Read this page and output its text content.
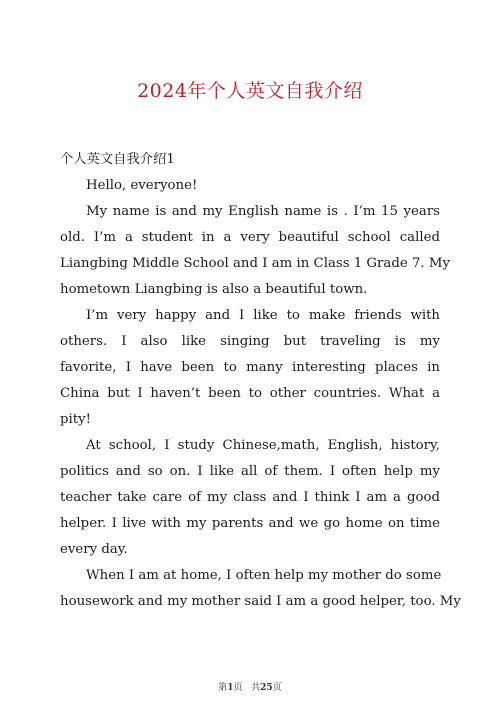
2024年个人英文自我介绍
个人英文自我介绍1
Hello, everyone!
My name is and my English name is . I’m 15 years
old. I’m a student in a very beautiful school called
Liangbing Middle School and I am in Class 1 Grade 7. My
hometown Liangbing is also a beautiful town.
I’m very happy and I like to make friends with
others. I also like singing but traveling is my
favorite, I have been to many interesting places in
China but I haven’t been to other countries. What a
pity!
At school, I study Chinese,math, English, history,
politics and so on. I like all of them. I often help my
teacher take care of my class and I think I am a good
helper. I live with my parents and we go home on time
every day.
When I am at home, I often help my mother do some
housework and my mother said I am a good helper, too. My
第1页 共25页
